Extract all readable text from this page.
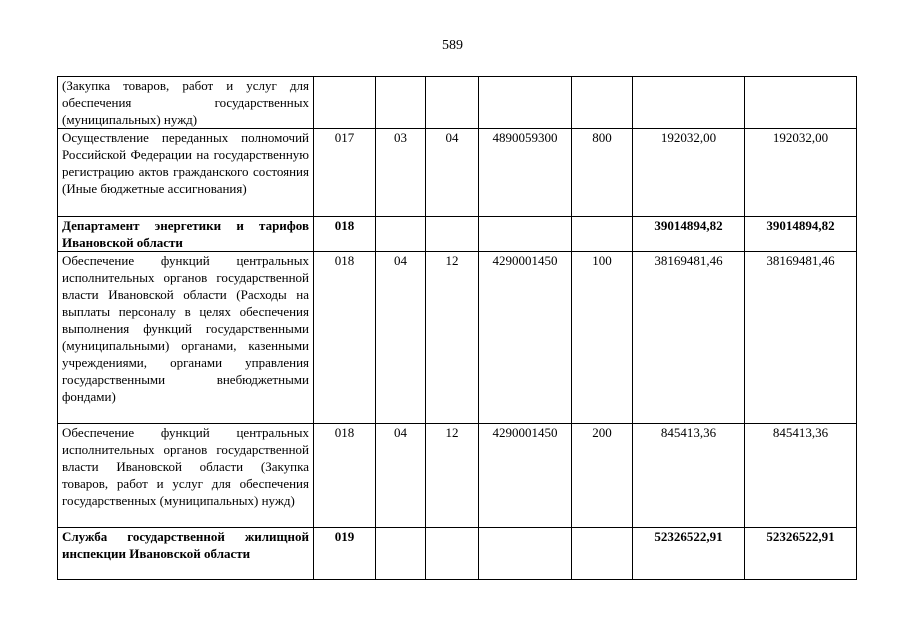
589
(Закупка товаров, работ и услуг для обеспечения государственных (муниципальных) нужд)							
Осуществление переданных полномочий Российской Федерации на государственную регистрацию актов гражданского состояния (Иные бюджетные ассигнования)	017	03	04	4890059300	800	192032,00	192032,00
Департамент энергетики и тарифов Ивановской области	018					39014894,82	39014894,82
Обеспечение функций центральных исполнительных органов государственной власти Ивановской области (Расходы на выплаты персоналу в целях обеспечения выполнения функций государственными (муниципальными) органами, казенными учреждениями, органами управления государственными внебюджетными фондами)	018	04	12	4290001450	100	38169481,46	38169481,46
Обеспечение функций центральных исполнительных органов государственной власти Ивановской области (Закупка товаров, работ и услуг для обеспечения государственных (муниципальных) нужд)	018	04	12	4290001450	200	845413,36	845413,36
Служба государственной жилищной инспекции Ивановской области	019					52326522,91	52326522,91
